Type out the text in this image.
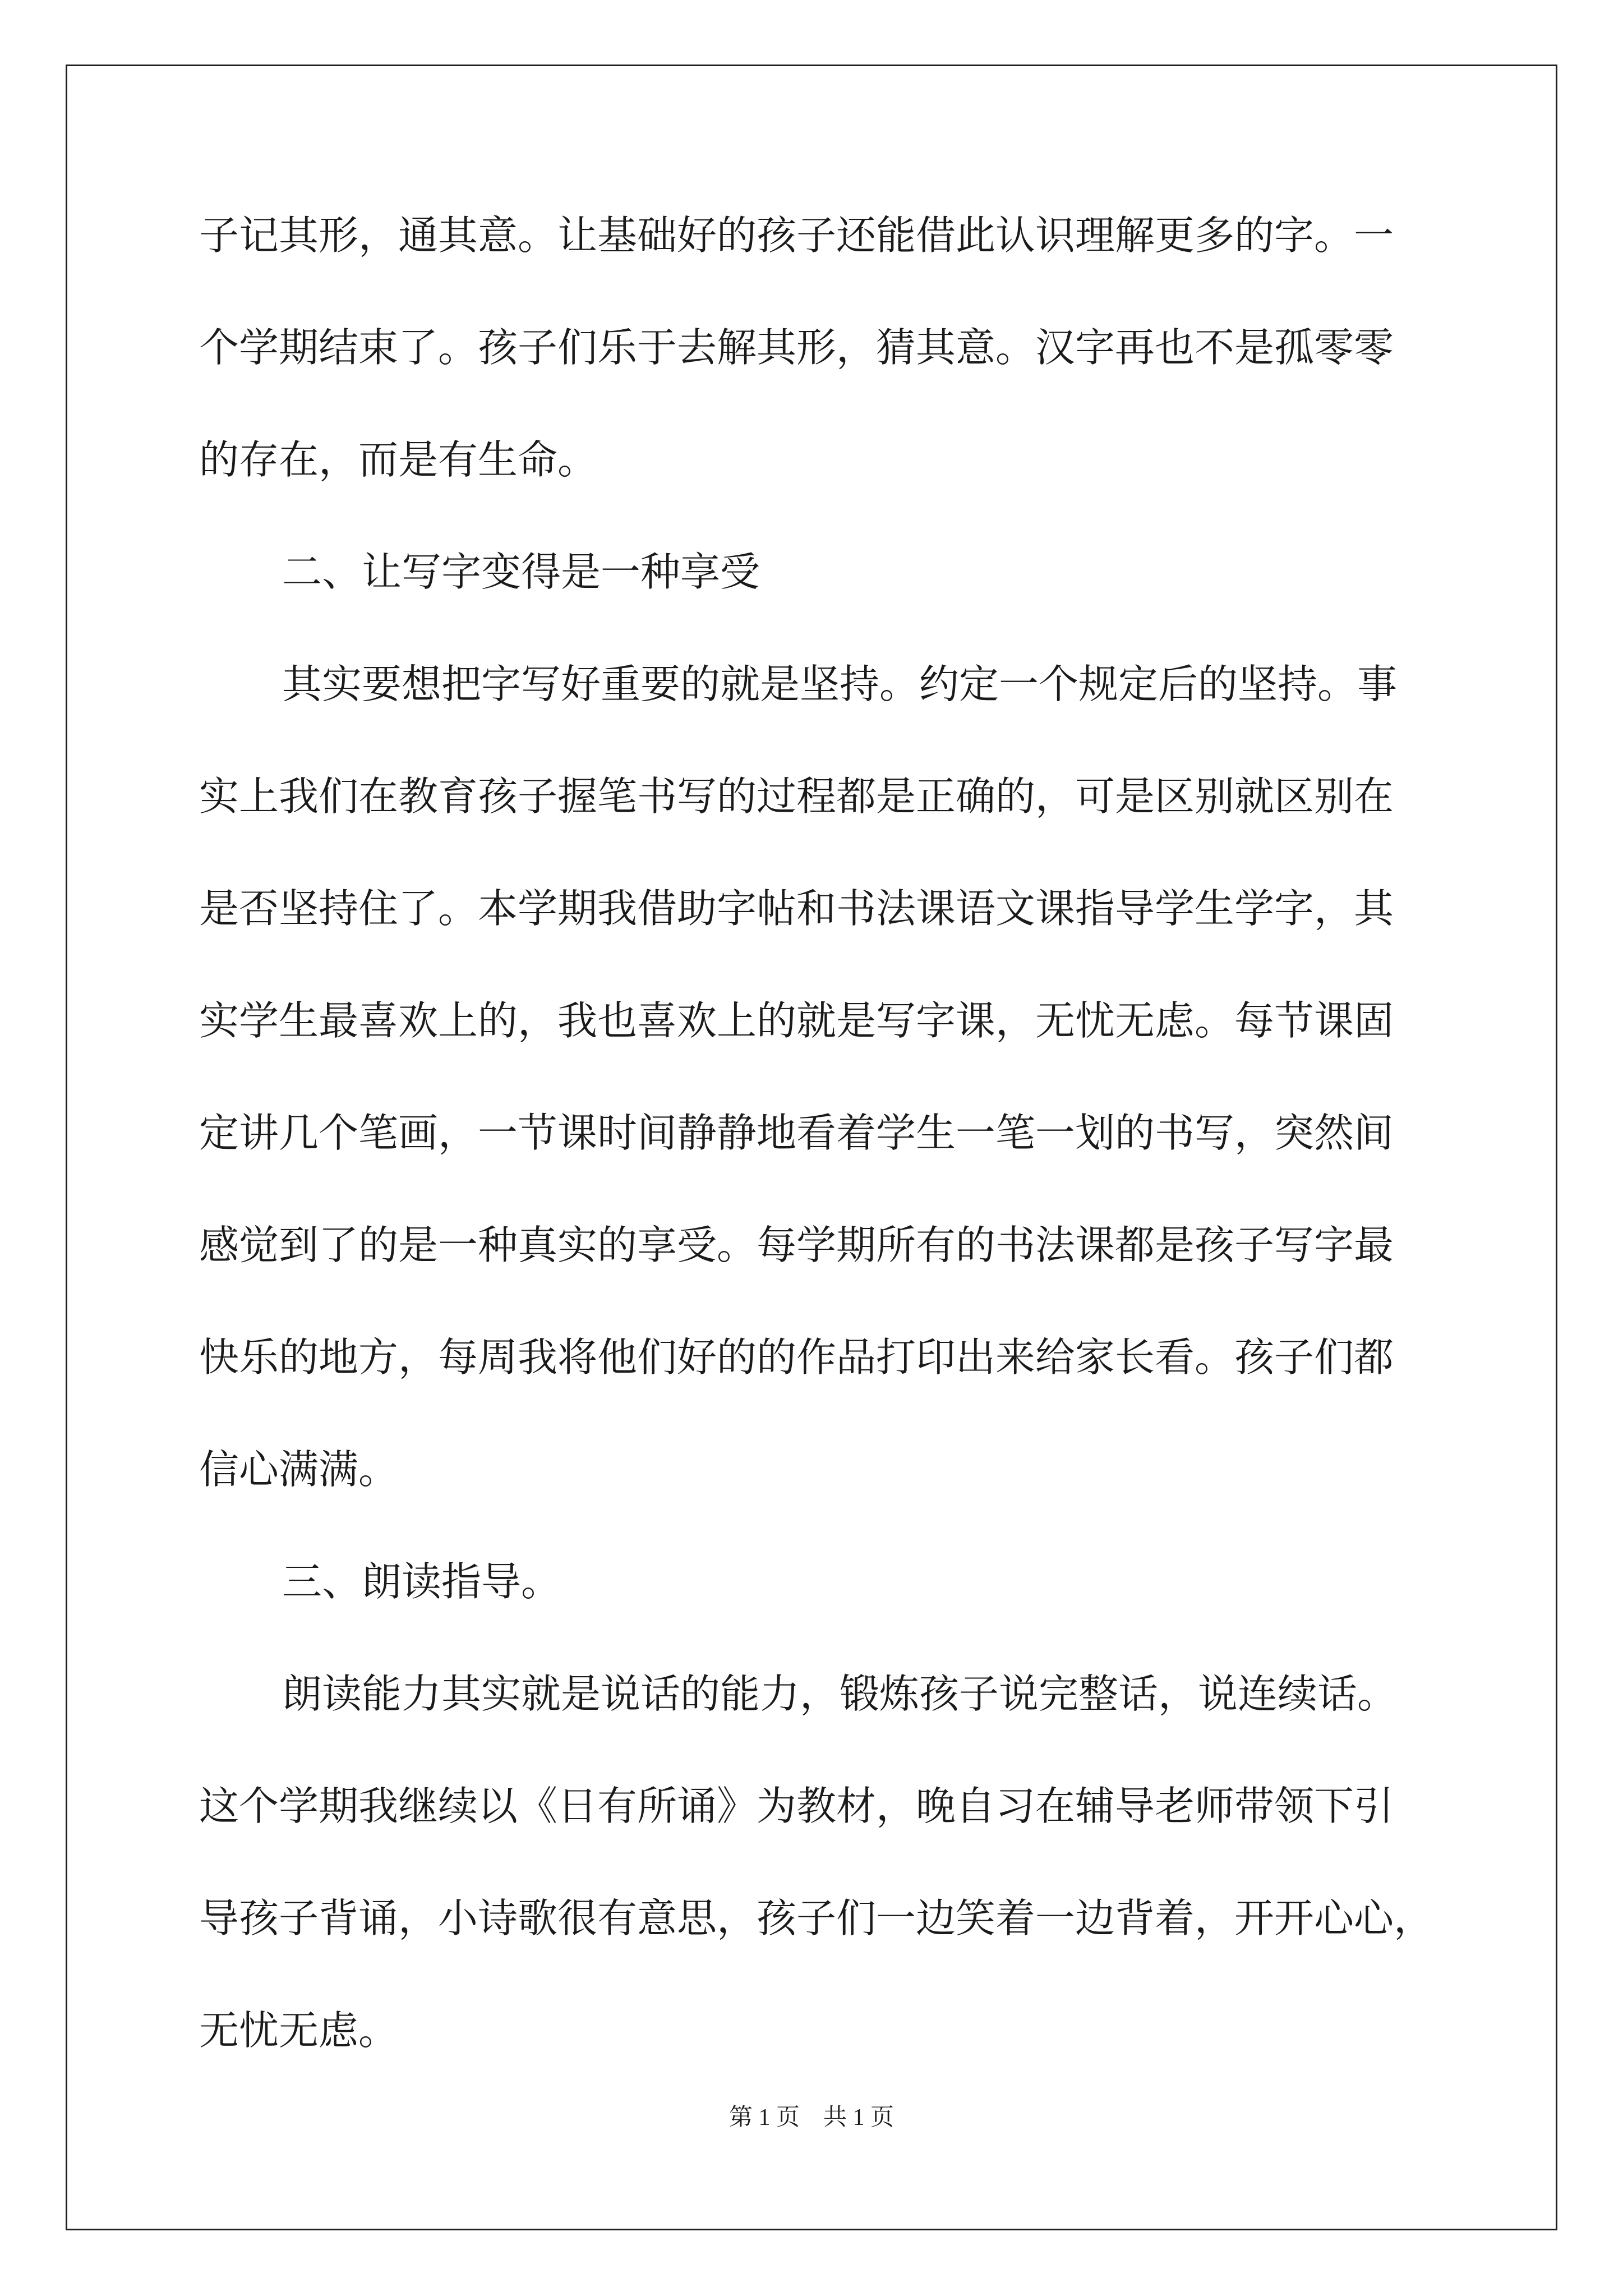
子记其形，通其意。让基础好的孩子还能借此认识理解更多的字。一
个学期结束了。孩子们乐于去解其形，猜其意。汉字再也不是孤零零
的存在，而是有生命。
二、让写字变得是一种享受
其实要想把字写好重要的就是坚持。约定一个规定后的坚持。事
实上我们在教育孩子握笔书写的过程都是正确的，可是区别就区别在
是否坚持住了。本学期我借助字帖和书法课语文课指导学生学字，其
实学生最喜欢上的，我也喜欢上的就是写字课，无忧无虑。每节课固
定讲几个笔画，一节课时间静静地看着学生一笔一划的书写，突然间
感觉到了的是一种真实的享受。每学期所有的书法课都是孩子写字最
快乐的地方，每周我将他们好的的作品打印出来给家长看。孩子们都
信心满满。
三、朗读指导。
朗读能力其实就是说话的能力，锻炼孩子说完整话，说连续话。
这个学期我继续以《日有所诵》为教材，晚自习在辅导老师带领下引
导孩子背诵，小诗歌很有意思，孩子们一边笑着一边背着，开开心心，
无忧无虑。
第 1 页 共 1 页
